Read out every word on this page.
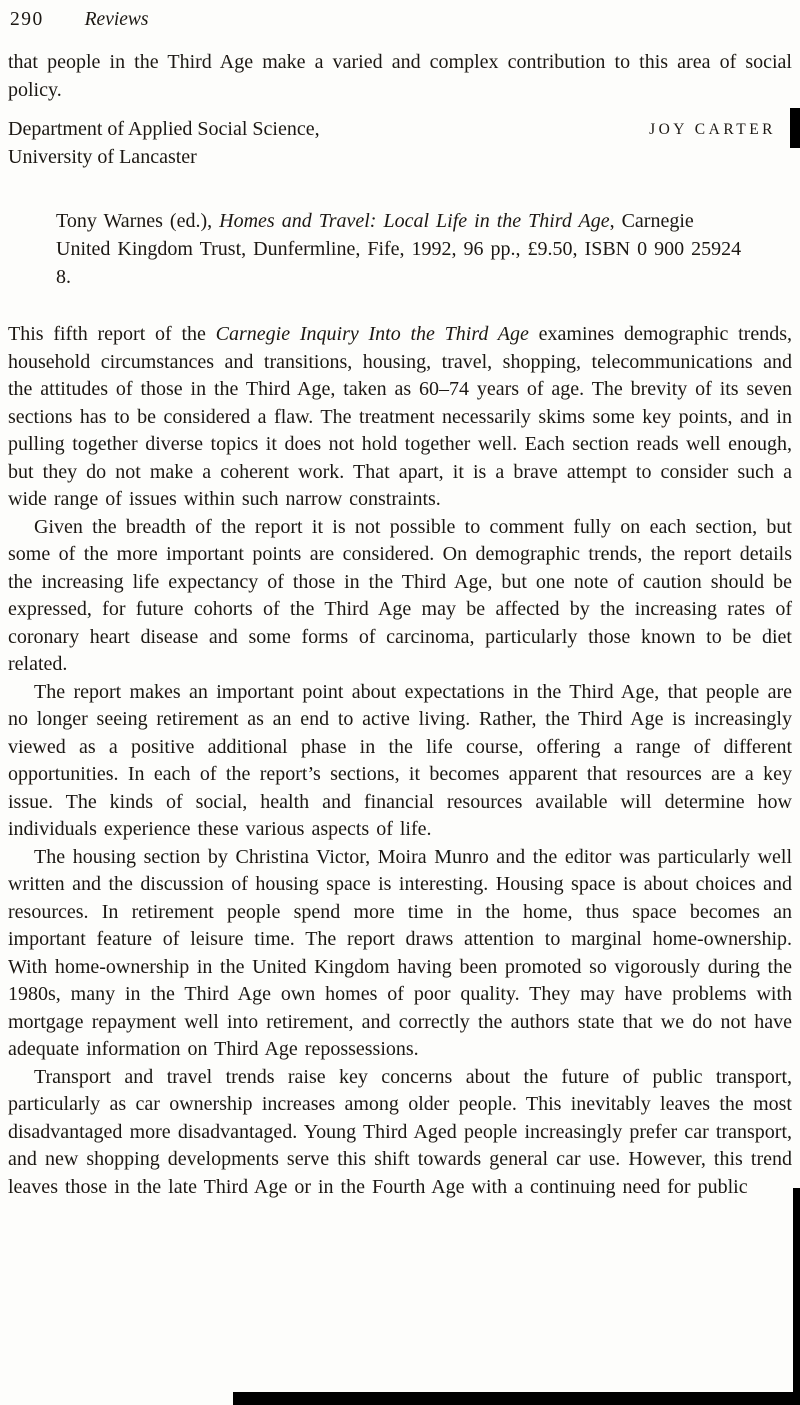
290 Reviews

that people in the Third Age make a varied and complex contribution to this area of social policy.

Department of Applied Social Science,
University of Lancaster
JOY CARTER

Tony Warnes (ed.), Homes and Travel: Local Life in the Third Age, Carnegie United Kingdom Trust, Dunfermline, Fife, 1992, 96 pp., £9.50, ISBN 0 900 25924 8.

This fifth report of the Carnegie Inquiry Into the Third Age examines demographic trends, household circumstances and transitions, housing, travel, shopping, telecommunications and the attitudes of those in the Third Age, taken as 60–74 years of age. The brevity of its seven sections has to be considered a flaw. The treatment necessarily skims some key points, and in pulling together diverse topics it does not hold together well. Each section reads well enough, but they do not make a coherent work. That apart, it is a brave attempt to consider such a wide range of issues within such narrow constraints.

Given the breadth of the report it is not possible to comment fully on each section, but some of the more important points are considered. On demographic trends, the report details the increasing life expectancy of those in the Third Age, but one note of caution should be expressed, for future cohorts of the Third Age may be affected by the increasing rates of coronary heart disease and some forms of carcinoma, particularly those known to be diet related.

The report makes an important point about expectations in the Third Age, that people are no longer seeing retirement as an end to active living. Rather, the Third Age is increasingly viewed as a positive additional phase in the life course, offering a range of different opportunities. In each of the report’s sections, it becomes apparent that resources are a key issue. The kinds of social, health and financial resources available will determine how individuals experience these various aspects of life.

The housing section by Christina Victor, Moira Munro and the editor was particularly well written and the discussion of housing space is interesting. Housing space is about choices and resources. In retirement people spend more time in the home, thus space becomes an important feature of leisure time. The report draws attention to marginal home-ownership. With home-ownership in the United Kingdom having been promoted so vigorously during the 1980s, many in the Third Age own homes of poor quality. They may have problems with mortgage repayment well into retirement, and correctly the authors state that we do not have adequate information on Third Age repossessions.

Transport and travel trends raise key concerns about the future of public transport, particularly as car ownership increases among older people. This inevitably leaves the most disadvantaged more disadvantaged. Young Third Aged people increasingly prefer car transport, and new shopping developments serve this shift towards general car use. However, this trend leaves those in the late Third Age or in the Fourth Age with a continuing need for public
